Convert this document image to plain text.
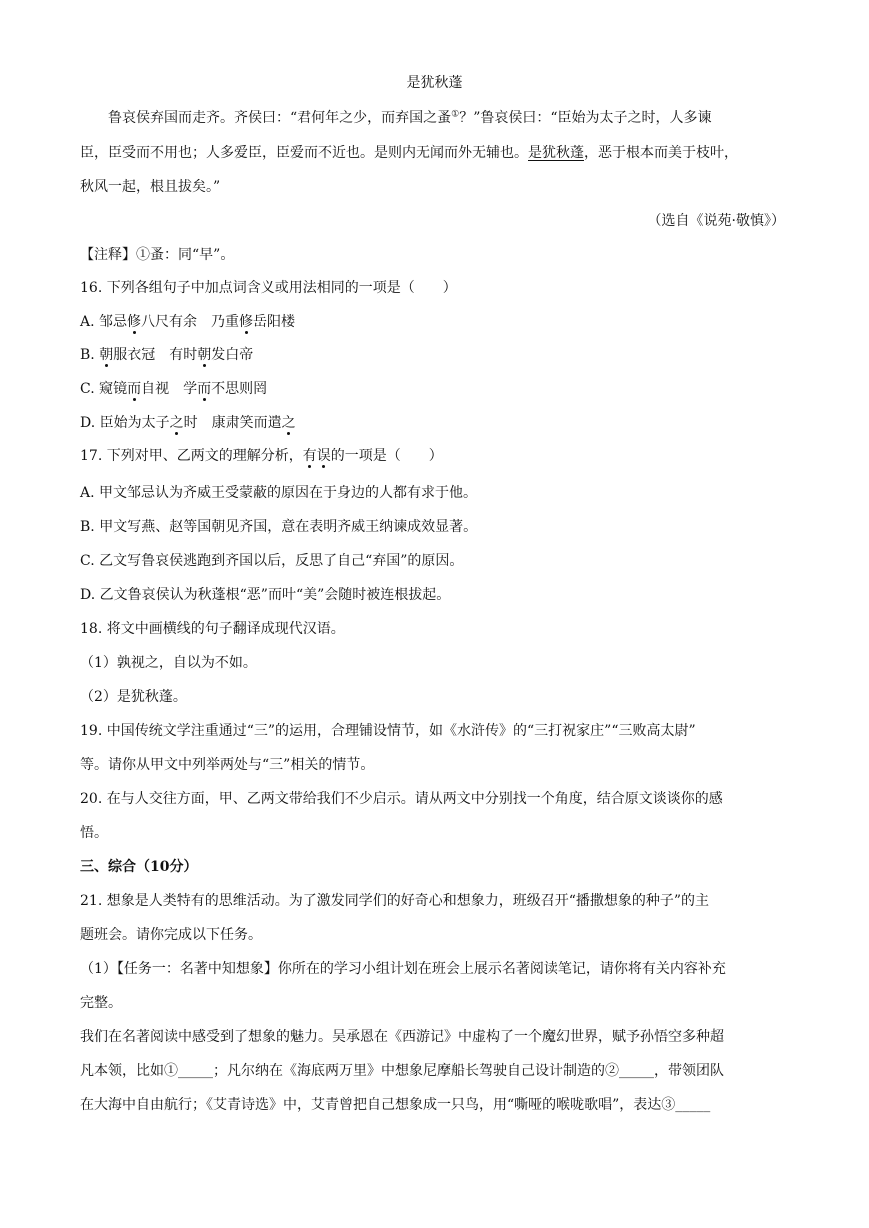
是犹秋蓬
鲁哀侯弃国而走齐。齐侯曰：“君何年之少，而弃国之蚤①？”鲁哀侯曰：“臣始为太子之时，人多谏
臣，臣受而不用也；人多爱臣，臣爱而不近也。是则内无闻而外无辅也。是犹秋蓬，恶于根本而美于枝叶，
秋风一起，根且拔矣。”
（选自《说苑·敬慎》）
【注释】①蚤：同“早”。
16. 下列各组句子中加点词含义或用法相同的一项是（　　）
A. 邹忌修八尺有余 乃重修岳阳楼
B. 朝服衣冠 有时朝发白帝
C. 窥镜而自视 学而不思则罔
D. 臣始为太子之时 康肃笑而遣之
17. 下列对甲、乙两文的理解分析，有误的一项是（　　）
A. 甲文邹忌认为齐威王受蒙蔽的原因在于身边的人都有求于他。
B. 甲文写燕、赵等国朝见齐国，意在表明齐威王纳谏成效显著。
C. 乙文写鲁哀侯逃跑到齐国以后，反思了自己“弃国”的原因。
D. 乙文鲁哀侯认为秋蓬根“恶”而叶“美”会随时被连根拔起。
18. 将文中画横线的句子翻译成现代汉语。
（1）孰视之，自以为不如。
（2）是犹秋蓬。
19. 中国传统文学注重通过“三”的运用，合理铺设情节，如《水浒传》的“三打祝家庄”“三败高太尉”
等。请你从甲文中列举两处与“三”相关的情节。
20. 在与人交往方面，甲、乙两文带给我们不少启示。请从两文中分别找一个角度，结合原文谈谈你的感
悟。
三、综合（10分）
21. 想象是人类特有的思维活动。为了激发同学们的好奇心和想象力，班级召开“播撒想象的种子”的主
题班会。请你完成以下任务。
（1）【任务一：名著中知想象】你所在的学习小组计划在班会上展示名著阅读笔记，请你将有关内容补充
完整。
我们在名著阅读中感受到了想象的魅力。吴承恩在《西游记》中虚构了一个魔幻世界，赋予孙悟空多种超
凡本领，比如①_____；凡尔纳在《海底两万里》中想象尼摩船长驾驶自己设计制造的②_____，带领团队
在大海中自由航行；《艾青诗选》中，艾青曾把自己想象成一只鸟，用“嘶哑的喉咙歌唱”，表达③_____
